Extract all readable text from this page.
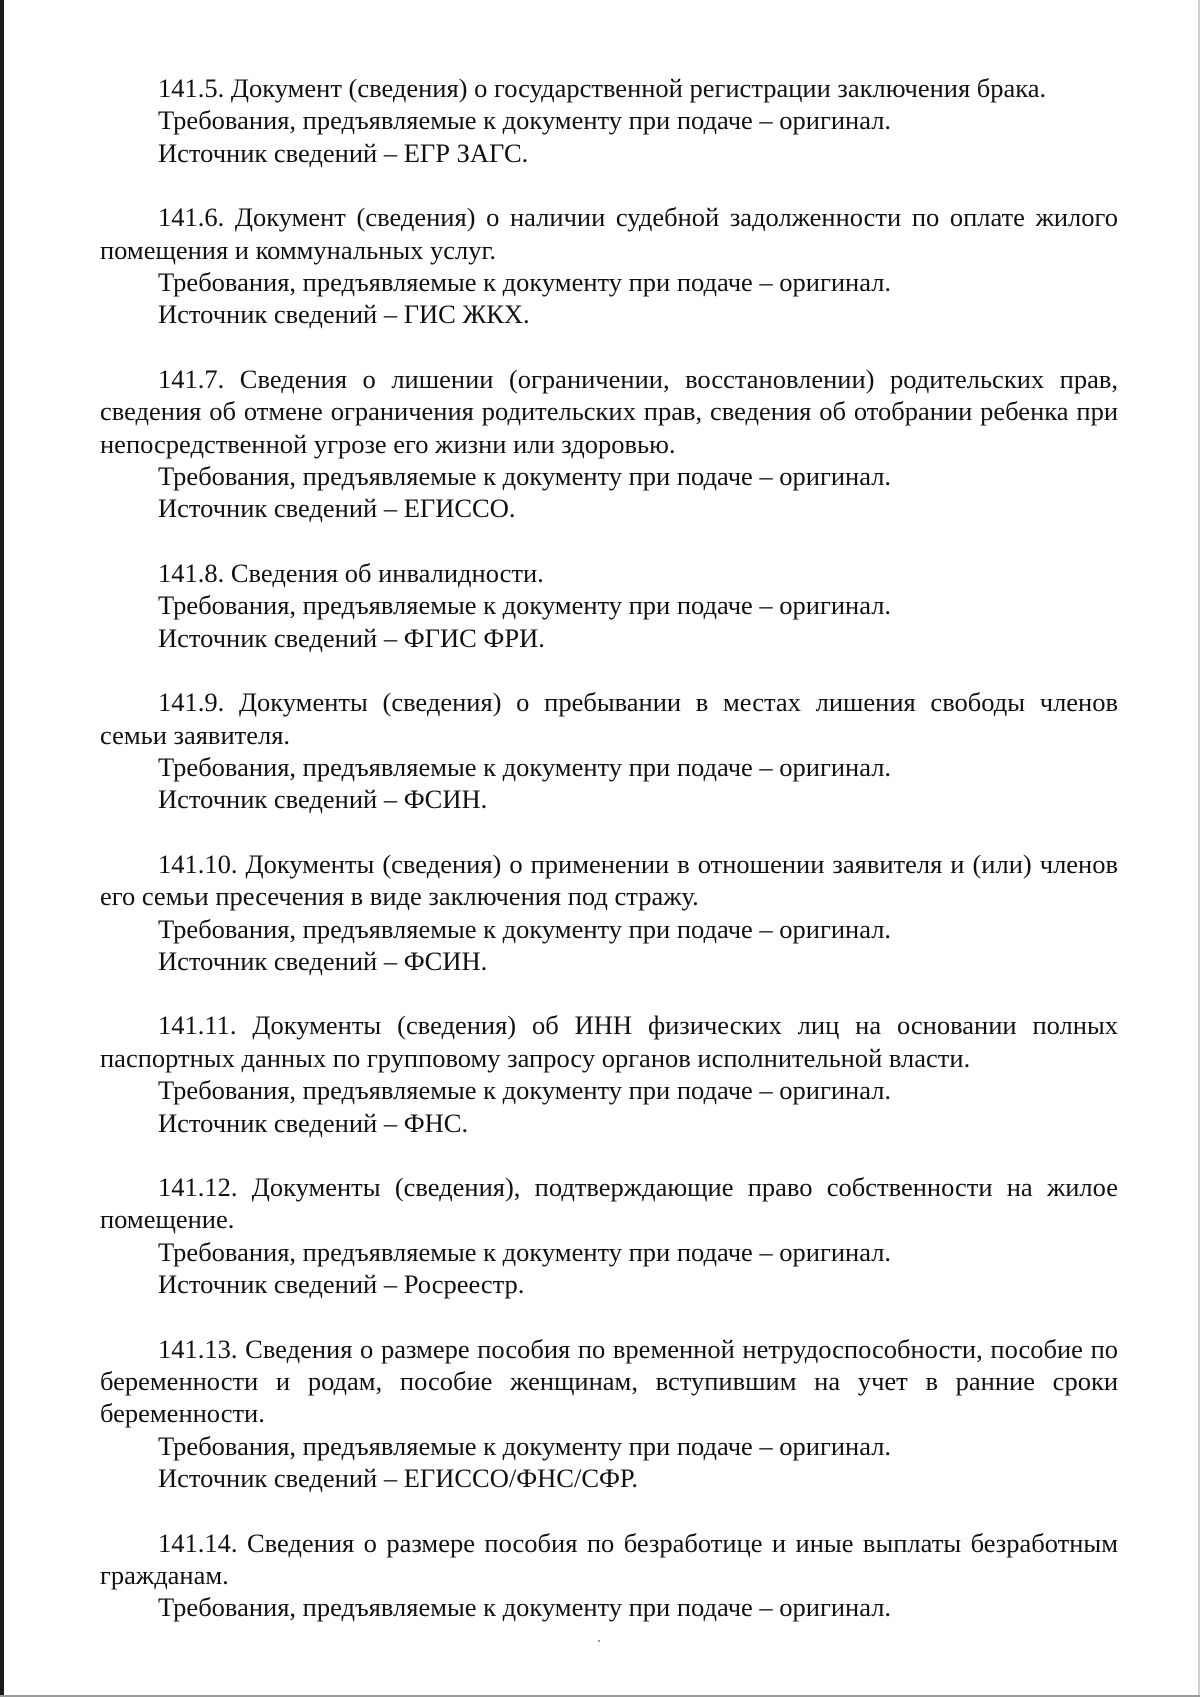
141.5. Документ (сведения) о государственной регистрации заключения брака.

Требования, предъявляемые к документу при подаче – оригинал.

Источник сведений – ЕГР ЗАГС.

141.6. Документ (сведения) о наличии судебной задолженности по оплате жилого помещения и коммунальных услуг.

Требования, предъявляемые к документу при подаче – оригинал.

Источник сведений – ГИС ЖКХ.

141.7. Сведения о лишении (ограничении, восстановлении) родительских прав, сведения об отмене ограничения родительских прав, сведения об отобрании ребенка при непосредственной угрозе его жизни или здоровью.

Требования, предъявляемые к документу при подаче – оригинал.

Источник сведений – ЕГИССО.

141.8. Сведения об инвалидности.

Требования, предъявляемые к документу при подаче – оригинал.

Источник сведений – ФГИС ФРИ.

141.9. Документы (сведения) о пребывании в местах лишения свободы членов семьи заявителя.

Требования, предъявляемые к документу при подаче – оригинал.

Источник сведений – ФСИН.

141.10. Документы (сведения) о применении в отношении заявителя и (или) членов его семьи пресечения в виде заключения под стражу.

Требования, предъявляемые к документу при подаче – оригинал.

Источник сведений – ФСИН.

141.11. Документы (сведения) об ИНН физических лиц на основании полных паспортных данных по групповому запросу органов исполнительной власти.

Требования, предъявляемые к документу при подаче – оригинал.

Источник сведений – ФНС.

141.12. Документы (сведения), подтверждающие право собственности на жилое помещение.

Требования, предъявляемые к документу при подаче – оригинал.

Источник сведений – Росреестр.

141.13. Сведения о размере пособия по временной нетрудоспособности, пособие по беременности и родам, пособие женщинам, вступившим на учет в ранние сроки беременности.

Требования, предъявляемые к документу при подаче – оригинал.

Источник сведений – ЕГИССО/ФНС/СФР.

141.14. Сведения о размере пособия по безработице и иные выплаты безработным гражданам.

Требования, предъявляемые к документу при подаче – оригинал.
